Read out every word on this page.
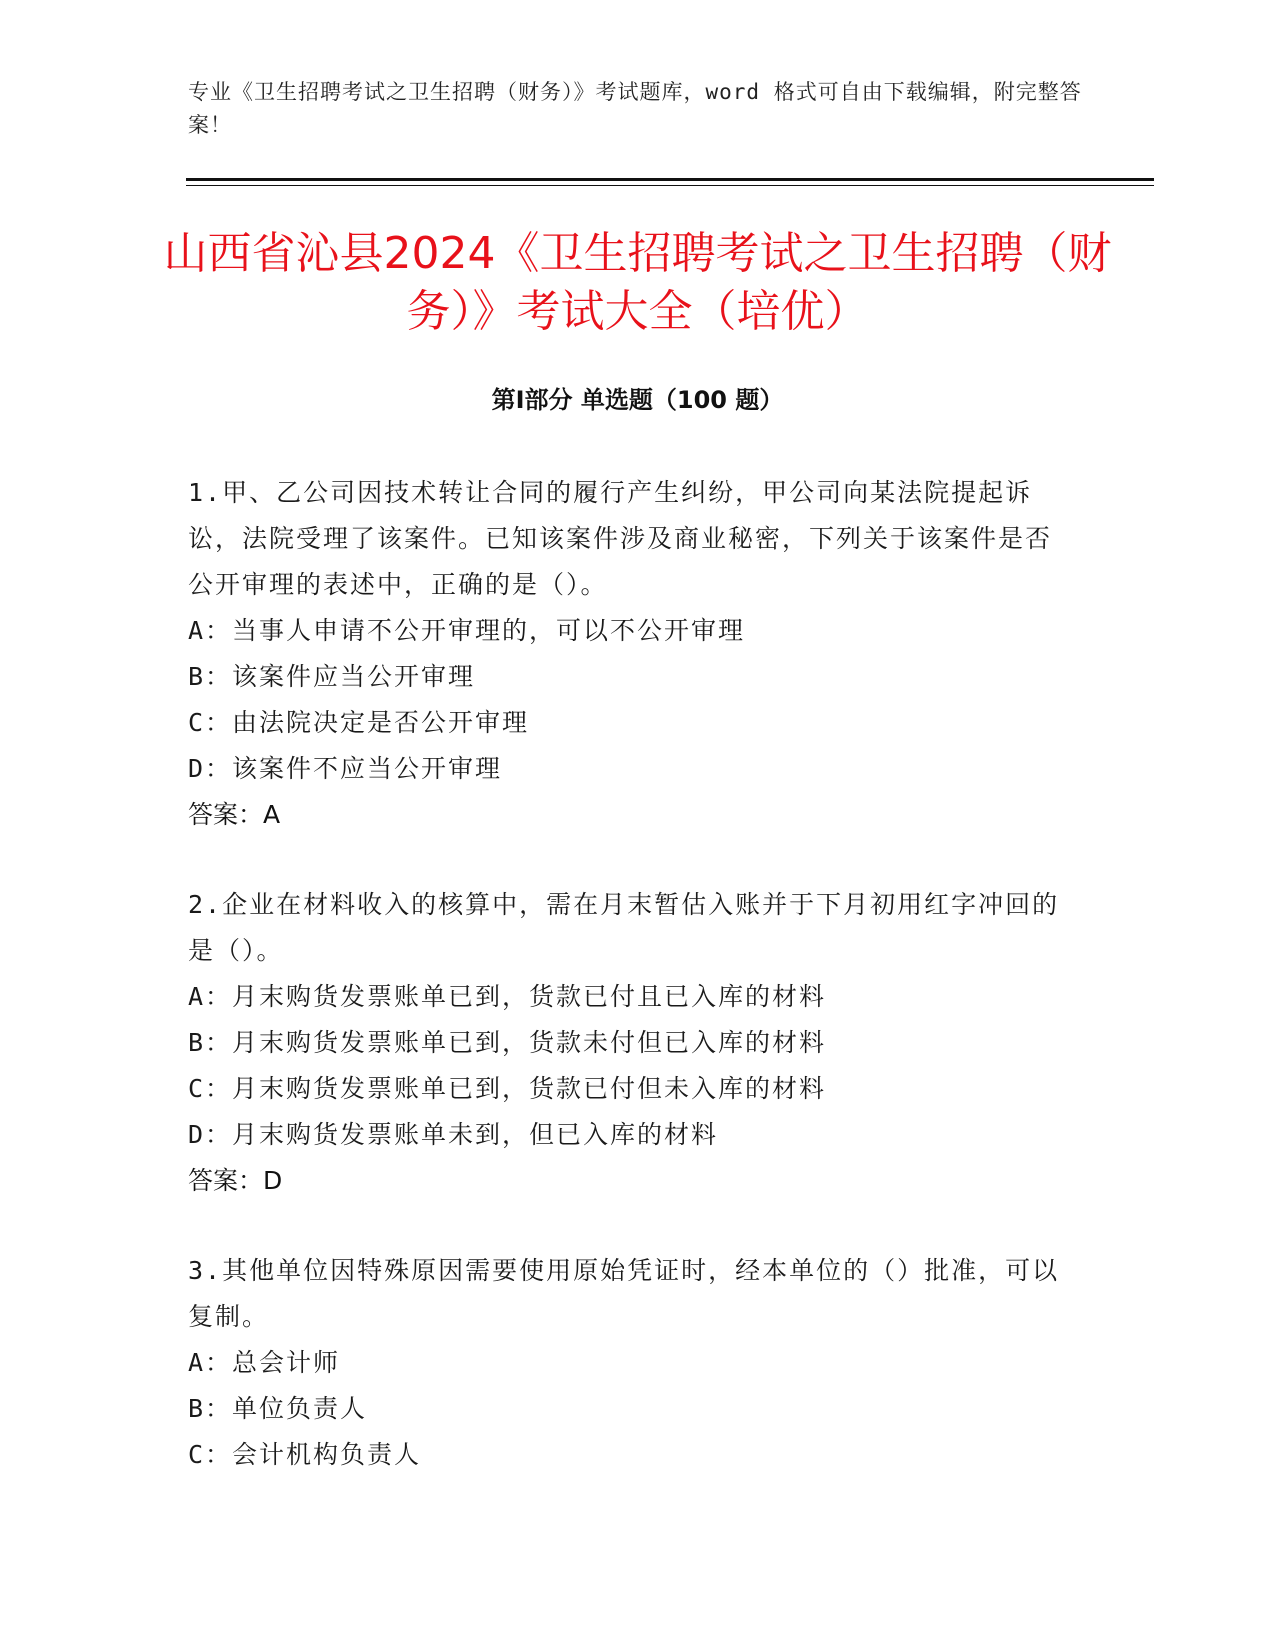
专业《卫生招聘考试之卫生招聘（财务）》考试题库，word 格式可自由下载编辑，附完整答案！
山西省沁县2024《卫生招聘考试之卫生招聘（财务）》考试大全（培优）
第Ⅰ部分 单选题（100 题）

1.甲、乙公司因技术转让合同的履行产生纠纷，甲公司向某法院提起诉讼，法院受理了该案件。已知该案件涉及商业秘密，下列关于该案件是否公开审理的表述中，正确的是（）。

A：当事人申请不公开审理的，可以不公开审理

B：该案件应当公开审理

C：由法院决定是否公开审理

D：该案件不应当公开审理

答案：A

2.企业在材料收入的核算中，需在月末暂估入账并于下月初用红字冲回的是（）。

A：月末购货发票账单已到，货款已付且已入库的材料

B：月末购货发票账单已到，货款未付但已入库的材料

C：月末购货发票账单已到，货款已付但未入库的材料

D：月末购货发票账单未到，但已入库的材料

答案：D

3.其他单位因特殊原因需要使用原始凭证时，经本单位的（）批准，可以复制。

A：总会计师

B：单位负责人

C：会计机构负责人
